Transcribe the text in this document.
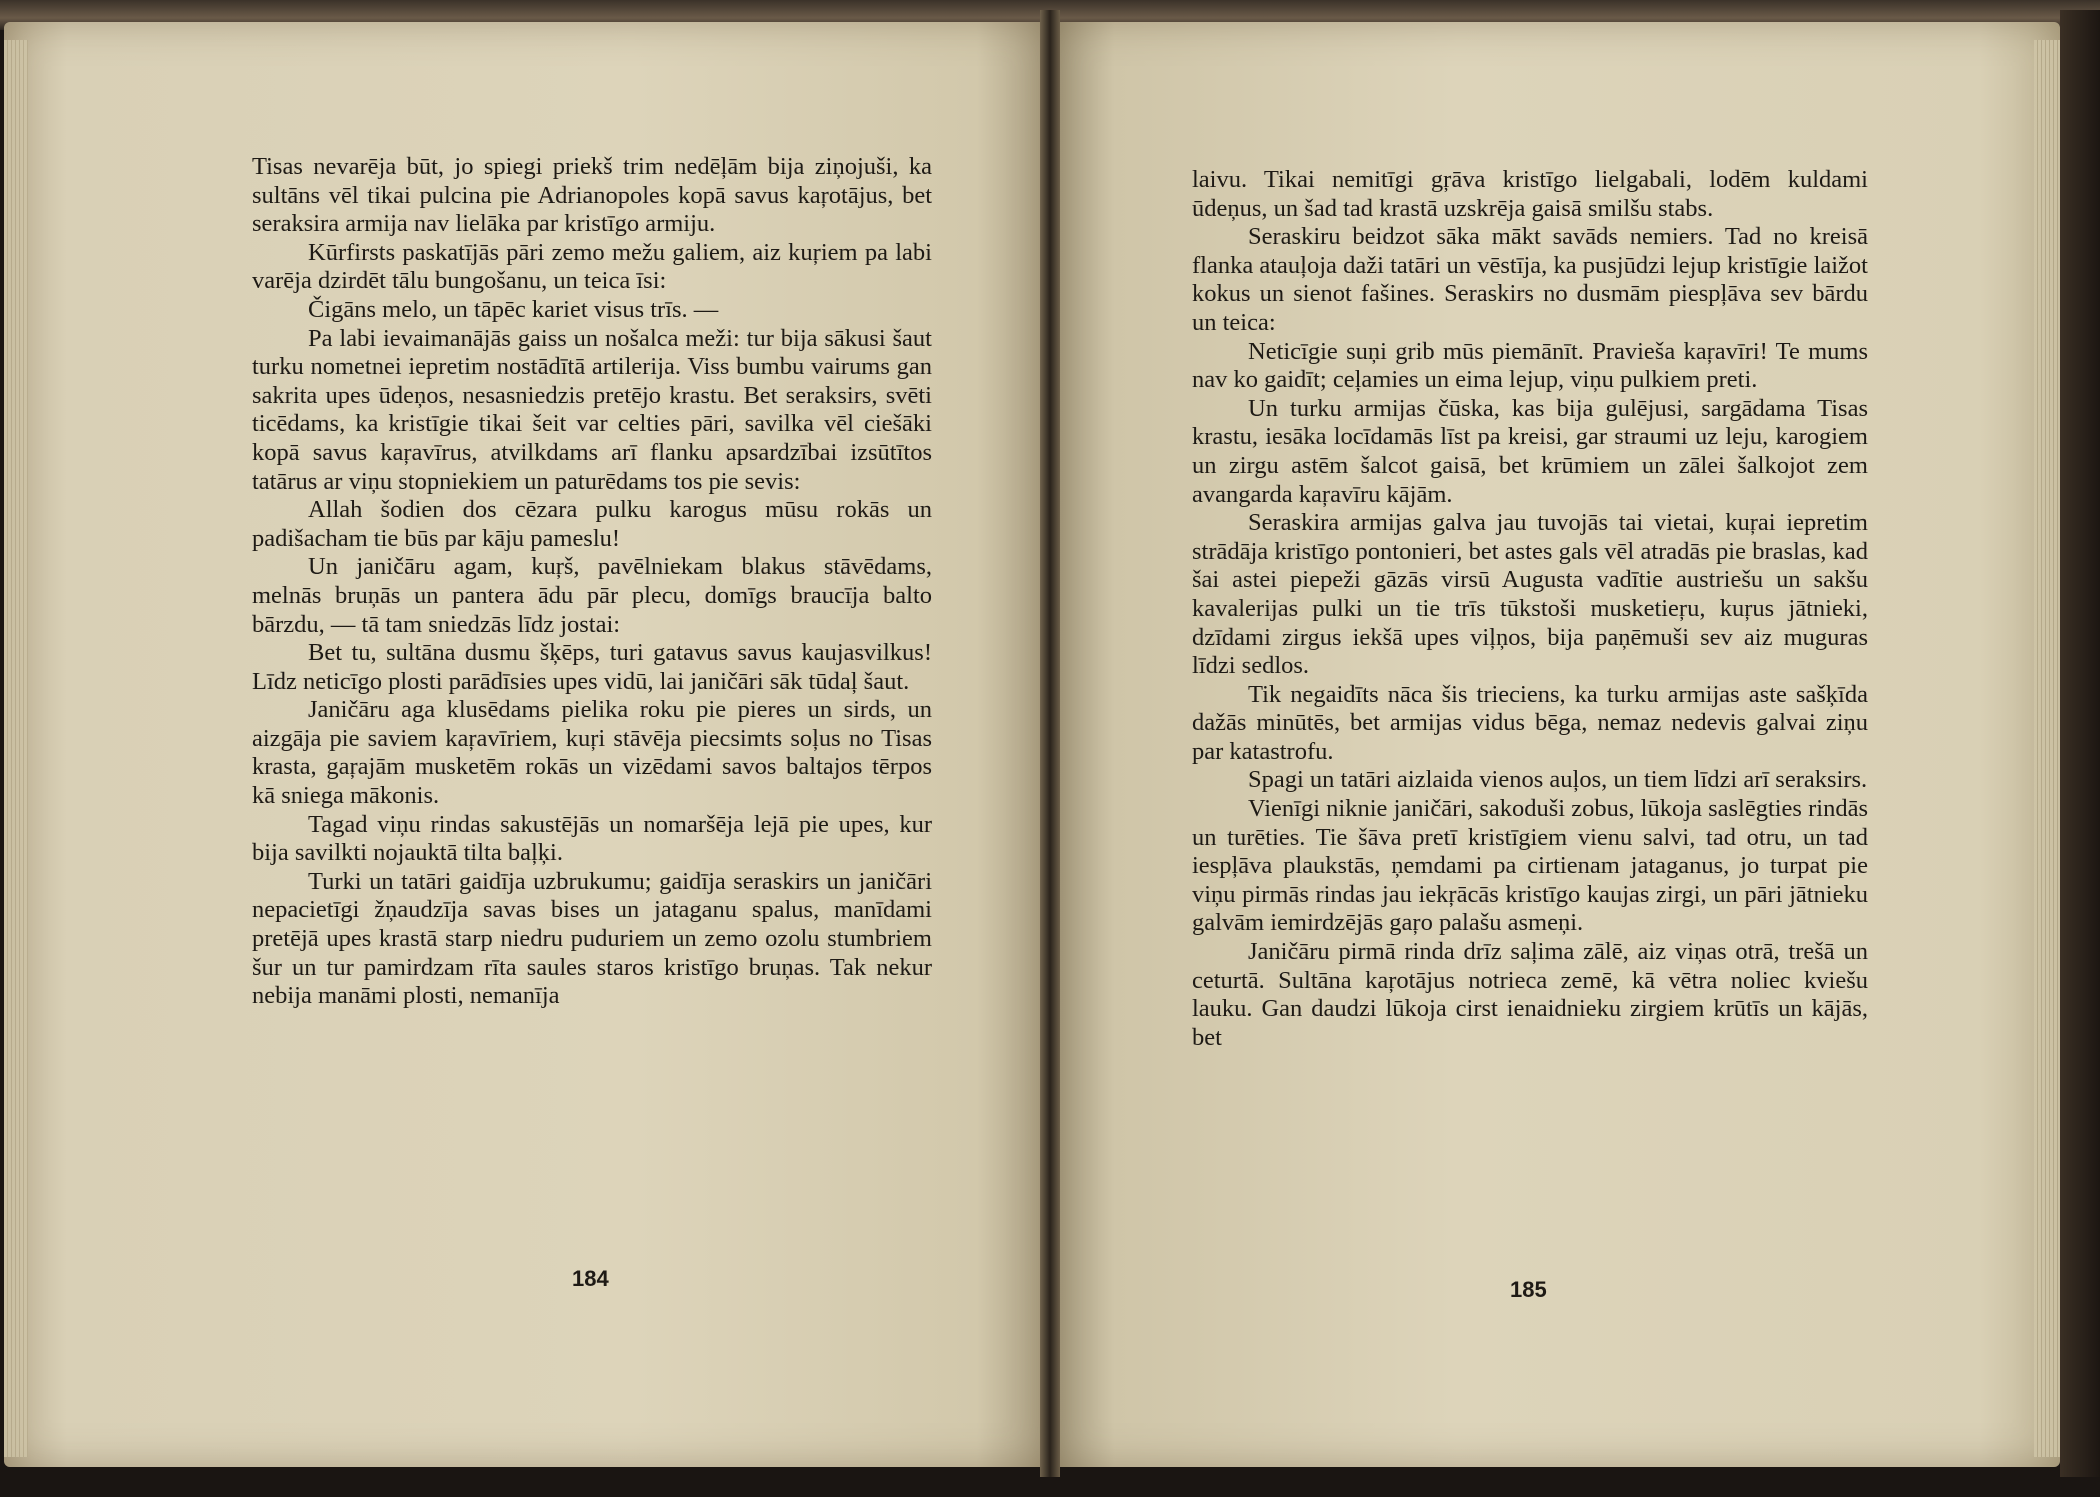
Tisas nevarēja būt, jo spiegi priekš trim nedēļām bija ziņojuši, ka sultāns vēl tikai pulcina pie Adrianopoles kopā savus kaŗotājus, bet seraksira armija nav lielāka par kristīgo armiju.

Kūrfirsts paskatījās pāri zemo mežu galiem, aiz kuŗiem pa labi varēja dzirdēt tālu bungošanu, un teica īsi:

Čigāns melo, un tāpēc kariet visus trīs. —

Pa labi ievaimanājās gaiss un nošalca meži: tur bija sākusi šaut turku nometnei iepretim nostādītā artilerija. Viss bumbu vairums gan sakrita upes ūdeņos, nesasniedzis pretējo krastu. Bet seraksirs, svēti ticēdams, ka kristīgie tikai šeit var celties pāri, savilka vēl ciešāki kopā savus kaŗavīrus, atvilkdams arī flanku apsardzībai izsūtītos tatārus ar viņu stopniekiem un paturēdams tos pie sevis:

Allah šodien dos cēzara pulku karogus mūsu rokās un padišacham tie būs par kāju pameslu!

Un janičāru agam, kuŗš, pavēlniekam blakus stāvēdams, melnās bruņās un pantera ādu pār plecu, domīgs braucīja balto bārzdu, — tā tam sniedzās līdz jostai:

Bet tu, sultāna dusmu šķēps, turi gatavus savus kaujasvilkus! Līdz neticīgo plosti parādīsies upes vidū, lai janičāri sāk tūdaļ šaut.

Janičāru aga klusēdams pielika roku pie pieres un sirds, un aizgāja pie saviem kaŗavīriem, kuŗi stāvēja piecsimts soļus no Tisas krasta, gaŗajām musketēm rokās un vizēdami savos baltajos tērpos kā sniega mākonis.

Tagad viņu rindas sakustējās un nomaršēja lejā pie upes, kur bija savilkti nojauktā tilta baļķi.

Turki un tatāri gaidīja uzbrukumu; gaidīja seraskirs un janičāri nepacietīgi žņaudzīja savas bises un jataganu spalus, manīdami pretējā upes krastā starp niedru puduriem un zemo ozolu stumbriem šur un tur pamirdzam rīta saules staros kristīgo bruņas. Tak nekur nebija manāmi plosti, nemanīja

184

laivu. Tikai nemitīgi gŗāva kristīgo lielgabali, lodēm kuldami ūdeņus, un šad tad krastā uzskrēja gaisā smilšu stabs.

Seraskiru beidzot sāka mākt savāds nemiers. Tad no kreisā flanka atauļoja daži tatāri un vēstīja, ka pusjūdzi lejup kristīgie laižot kokus un sienot fašines. Seraskirs no dusmām piespļāva sev bārdu un teica:

Neticīgie suņi grib mūs piemānīt. Pravieša kaŗavīri! Te mums nav ko gaidīt; ceļamies un eima lejup, viņu pulkiem preti.

Un turku armijas čūska, kas bija gulējusi, sargādama Tisas krastu, iesāka locīdamās līst pa kreisi, gar straumi uz leju, karogiem un zirgu astēm šalcot gaisā, bet krūmiem un zālei šalkojot zem avangarda kaŗavīru kājām.

Seraskira armijas galva jau tuvojās tai vietai, kuŗai iepretim strādāja kristīgo pontonieri, bet astes gals vēl atradās pie braslas, kad šai astei piepeži gāzās virsū Augusta vadītie austriešu un sakšu kavalerijas pulki un tie trīs tūkstoši musketieŗu, kuŗus jātnieki, dzīdami zirgus iekšā upes viļņos, bija paņēmuši sev aiz muguras līdzi sedlos.

Tik negaidīts nāca šis trieciens, ka turku armijas aste sašķīda dažās minūtēs, bet armijas vidus bēga, nemaz nedevis galvai ziņu par katastrofu.

Spagi un tatāri aizlaida vienos auļos, un tiem līdzi arī seraksirs.

Vienīgi niknie janičāri, sakoduši zobus, lūkoja saslēgties rindās un turēties. Tie šāva pretī kristīgiem vienu salvi, tad otru, un tad iespļāva plaukstās, ņemdami pa cirtienam jataganus, jo turpat pie viņu pirmās rindas jau iekŗācās kristīgo kaujas zirgi, un pāri jātnieku galvām iemirdzējās gaŗo palašu asmeņi.

Janičāru pirmā rinda drīz saļima zālē, aiz viņas otrā, trešā un ceturtā. Sultāna kaŗotājus notrieca zemē, kā vētra noliec kviešu lauku. Gan daudzi lūkoja cirst ienaidnieku zirgiem krūtīs un kājās, bet

185
